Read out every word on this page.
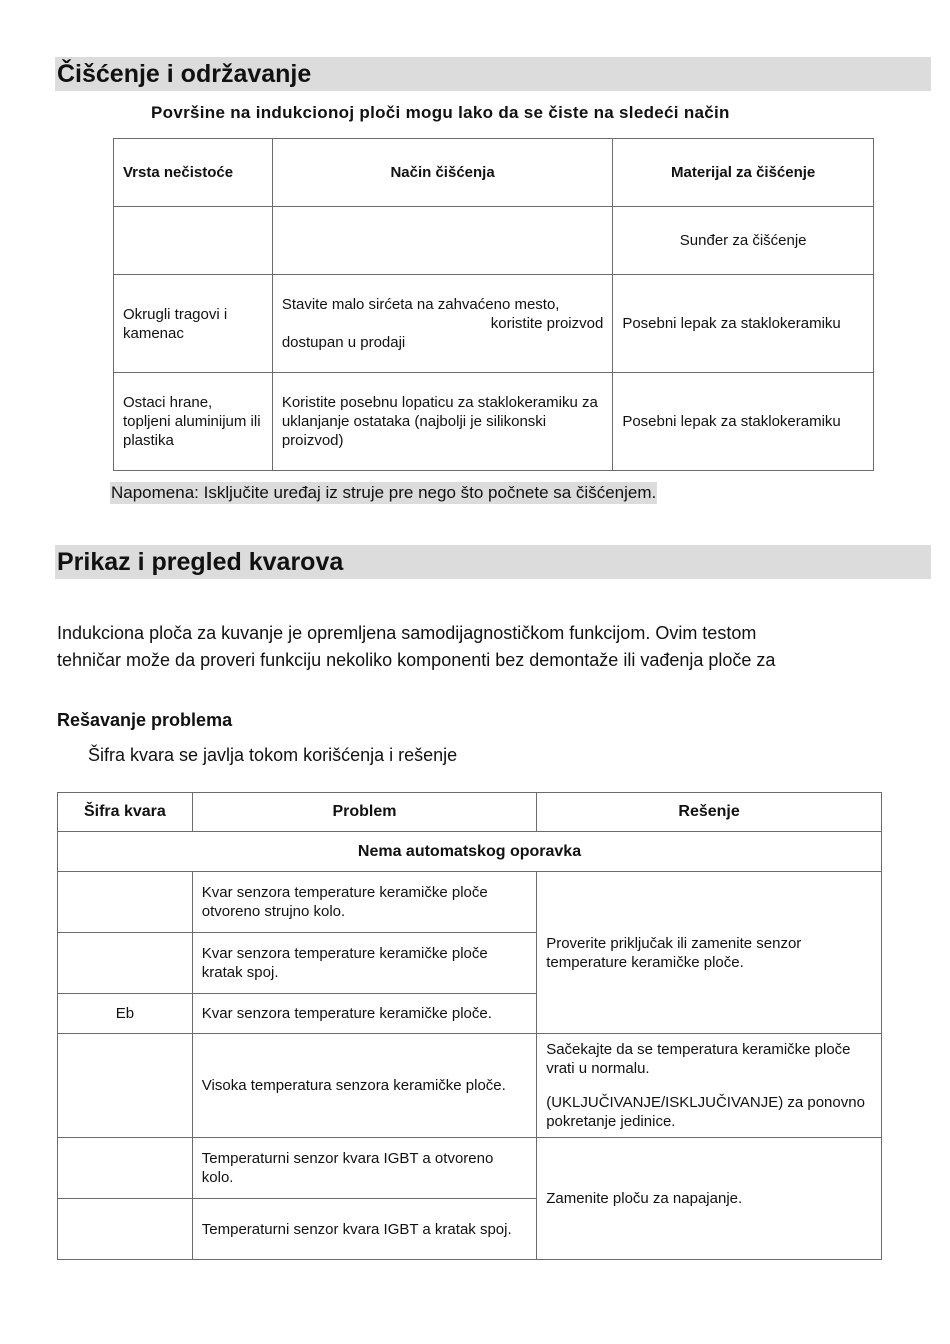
Čišćenje i održavanje
Površine na indukcionoj ploči mogu lako da se čiste na sledeći način
Vrsta nečistoće	Način čišćenja	Materijal za čišćenje
		Sunđer za čišćenje
Okrugli tragovi i kamenac	Stavite malo sirćeta na zahvaćeno mesto,
koristite proizvod
dostupan u prodaji	Posebni lepak za staklokeramiku
Ostaci hrane, topljeni aluminijum ili plastika	Koristite posebnu lopaticu za staklokeramiku za uklanjanje ostataka (najbolji je silikonski proizvod)	Posebni lepak za staklokeramiku
Napomena: Isključite uređaj iz struje pre nego što počnete sa čišćenjem.
Prikaz i pregled kvarova
Indukciona ploča za kuvanje je opremljena samodijagnostičkom funkcijom. Ovim testom
tehničar može da proveri funkciju nekoliko komponenti bez demontaže ili vađenja ploče za
Rešavanje problema
Šifra kvara se javlja tokom korišćenja i rešenje
Šifra kvara	Problem	Rešenje
Nema automatskog oporavka		
	Kvar senzora temperature keramičke ploče otvoreno strujno kolo.	Proverite priključak ili zamenite senzor temperature keramičke ploče.
	Kvar senzora temperature keramičke ploče kratak spoj.	
Eb	Kvar senzora temperature keramičke ploče.	
	Visoka temperatura senzora keramičke ploče.	Sačekajte da se temperatura keramičke ploče vrati u normalu.
(UKLJUČIVANJE/ISKLJUČIVANJE) za ponovno pokretanje jedinice.

	Temperaturni senzor kvara IGBT a otvoreno kolo.	Zamenite ploču za napajanje.
	Temperaturni senzor kvara IGBT a kratak spoj.	
